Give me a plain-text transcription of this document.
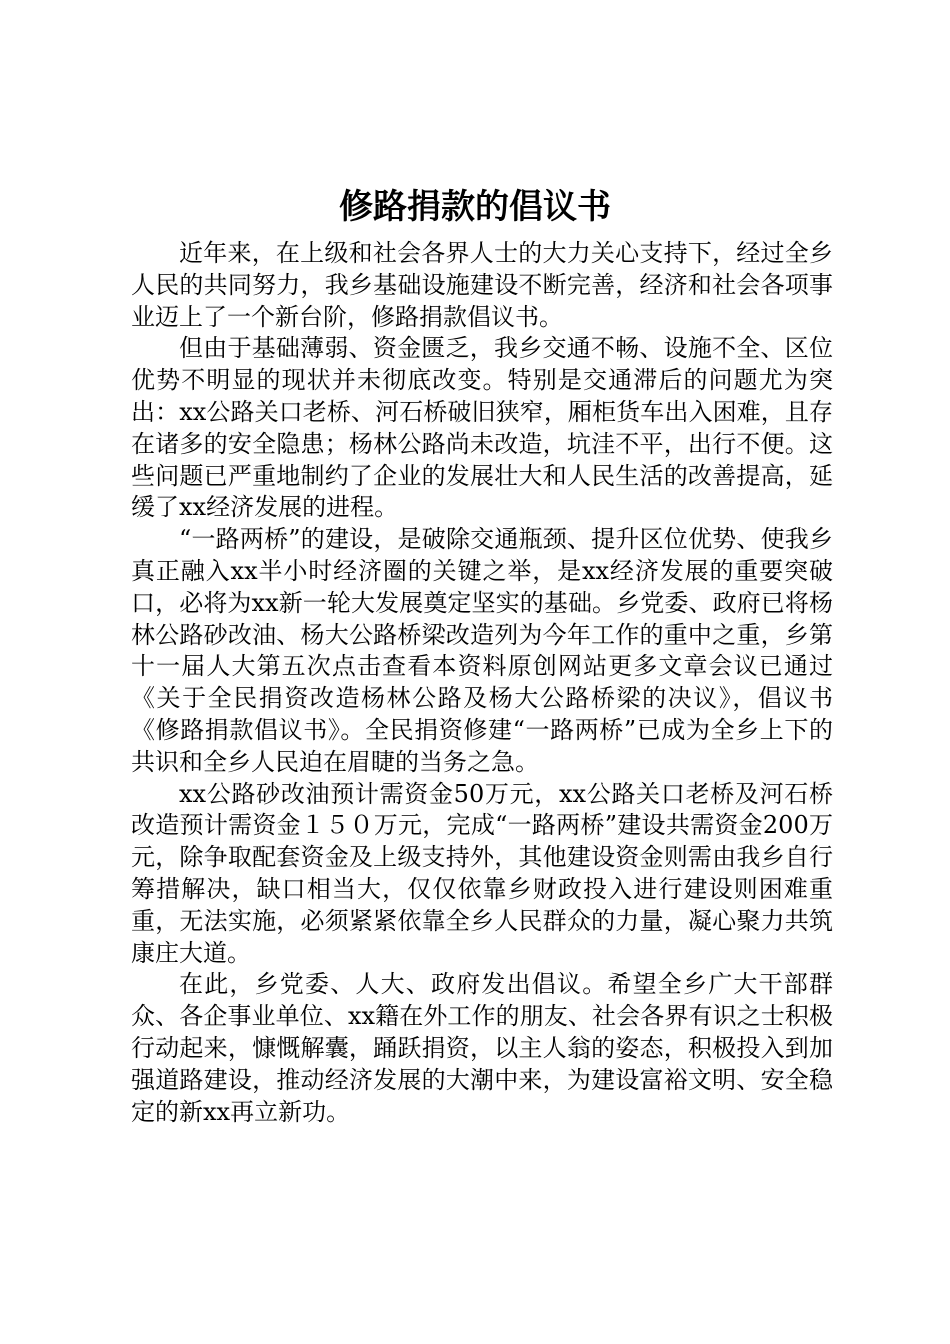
修路捐款的倡议书

近年来，在上级和社会各界人士的大力关心支持下，经过全乡人民的共同努力，我乡基础设施建设不断完善，经济和社会各项事业迈上了一个新台阶，修路捐款倡议书。

但由于基础薄弱、资金匮乏，我乡交通不畅、设施不全、区位优势不明显的现状并未彻底改变。特别是交通滞后的问题尤为突出：xx公路关口老桥、河石桥破旧狭窄，厢柜货车出入困难，且存在诸多的安全隐患；杨林公路尚未改造，坑洼不平，出行不便。这些问题已严重地制约了企业的发展壮大和人民生活的改善提高，延缓了xx经济发展的进程。

“一路两桥”的建设，是破除交通瓶颈、提升区位优势、使我乡真正融入xx半小时经济圈的关键之举，是xx经济发展的重要突破口，必将为xx新一轮大发展奠定坚实的基础。乡党委、政府已将杨林公路砂改油、杨大公路桥梁改造列为今年工作的重中之重，乡第十一届人大第五次点击查看本资料原创网站更多文章会议已通过《关于全民捐资改造杨林公路及杨大公路桥梁的决议》，倡议书《修路捐款倡议书》。全民捐资修建“一路两桥”已成为全乡上下的共识和全乡人民迫在眉睫的当务之急。

xx公路砂改油预计需资金50万元，xx公路关口老桥及河石桥改造预计需资金１５０万元，完成“一路两桥”建设共需资金200万元，除争取配套资金及上级支持外，其他建设资金则需由我乡自行筹措解决，缺口相当大，仅仅依靠乡财政投入进行建设则困难重重，无法实施，必须紧紧依靠全乡人民群众的力量，凝心聚力共筑康庄大道。

在此，乡党委、人大、政府发出倡议。希望全乡广大干部群众、各企事业单位、xx籍在外工作的朋友、社会各界有识之士积极行动起来，慷慨解囊，踊跃捐资，以主人翁的姿态，积极投入到加强道路建设，推动经济发展的大潮中来，为建设富裕文明、安全稳定的新xx再立新功。
